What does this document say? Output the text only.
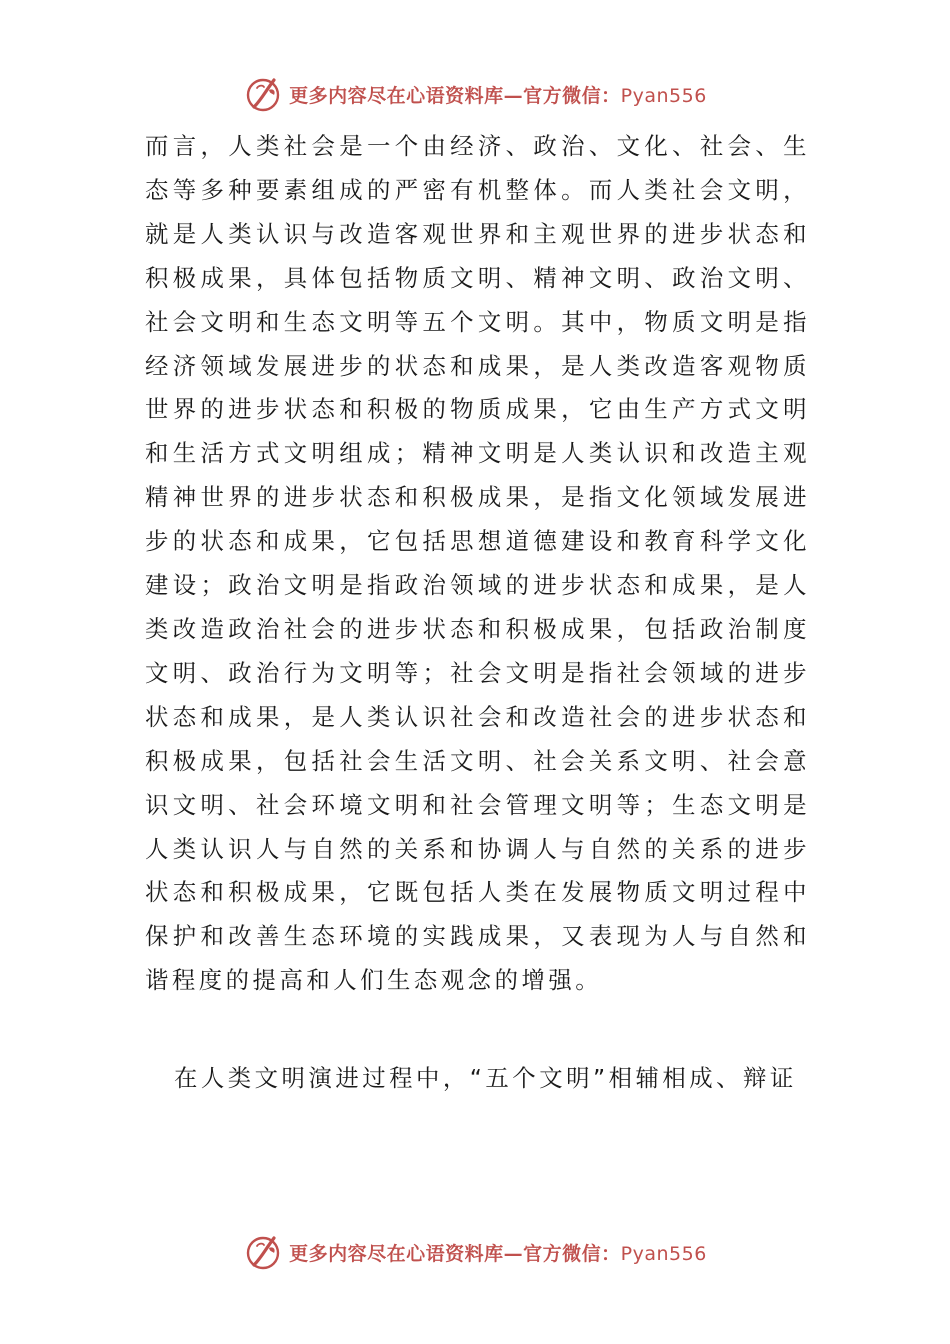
更多内容尽在心语资料库—官方微信：Pyan556

而言，人类社会是一个由经济、政治、文化、社会、生态等多种要素组成的严密有机整体。而人类社会文明，就是人类认识与改造客观世界和主观世界的进步状态和积极成果，具体包括物质文明、精神文明、政治文明、社会文明和生态文明等五个文明。其中，物质文明是指经济领域发展进步的状态和成果，是人类改造客观物质世界的进步状态和积极的物质成果，它由生产方式文明和生活方式文明组成；精神文明是人类认识和改造主观精神世界的进步状态和积极成果，是指文化领域发展进步的状态和成果，它包括思想道德建设和教育科学文化建设；政治文明是指政治领域的进步状态和成果，是人类改造政治社会的进步状态和积极成果，包括政治制度文明、政治行为文明等；社会文明是指社会领域的进步状态和成果，是人类认识社会和改造社会的进步状态和积极成果，包括社会生活文明、社会关系文明、社会意识文明、社会环境文明和社会管理文明等；生态文明是人类认识人与自然的关系和协调人与自然的关系的进步状态和积极成果，它既包括人类在发展物质文明过程中保护和改善生态环境的实践成果，又表现为人与自然和谐程度的提高和人们生态观念的增强。

在人类文明演进过程中，“五个文明”相辅相成、辩证

更多内容尽在心语资料库—官方微信：Pyan556
